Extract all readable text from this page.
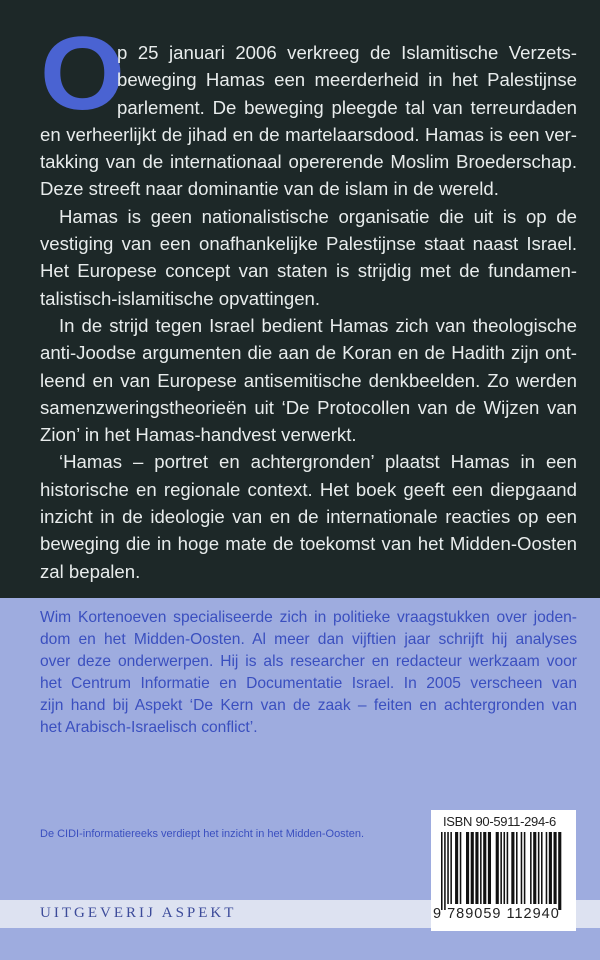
O
p 25 januari 2006 verkreeg de Islamitische Verzets-
beweging Hamas een meerderheid in het Palestijnse
parlement. De beweging pleegde tal van terreurdaden
en verheerlijkt de jihad en de martelaarsdood. Hamas is een ver-
takking van de internationaal opererende Moslim Broederschap.
Deze streeft naar dominantie van de islam in de wereld.
Hamas is geen nationalistische organisatie die uit is op de
vestiging van een onafhankelijke Palestijnse staat naast Israel.
Het Europese concept van staten is strijdig met de fundamen-
talistisch-islamitische opvattingen.
In de strijd tegen Israel bedient Hamas zich van theologische
anti-Joodse argumenten die aan de Koran en de Hadith zijn ont-
leend en van Europese antisemitische denkbeelden. Zo werden
samenzweringstheorieën uit ‘De Protocollen van de Wijzen van
Zion’ in het Hamas-handvest verwerkt.
‘Hamas – portret en achtergronden’ plaatst Hamas in een
historische en regionale context. Het boek geeft een diepgaand
inzicht in de ideologie van en de internationale reacties op een
beweging die in hoge mate de toekomst van het Midden-Oosten
zal bepalen.
Wim Kortenoeven specialiseerde zich in politieke vraagstukken over joden-
dom en het Midden-Oosten. Al meer dan vijftien jaar schrijft hij analyses
over deze onderwerpen. Hij is als researcher en redacteur werkzaam voor
het Centrum Informatie en Documentatie Israel. In 2005 verscheen van
zijn hand bij Aspekt ‘De Kern van de zaak – feiten en achtergronden van
het Arabisch-Israelisch conflict’.
De CIDI-informatiereeks verdiept het inzicht in het Midden-Oosten.
UITGEVERIJ ASPEKT
ISBN 90-5911-294-6
9 789059 112940
